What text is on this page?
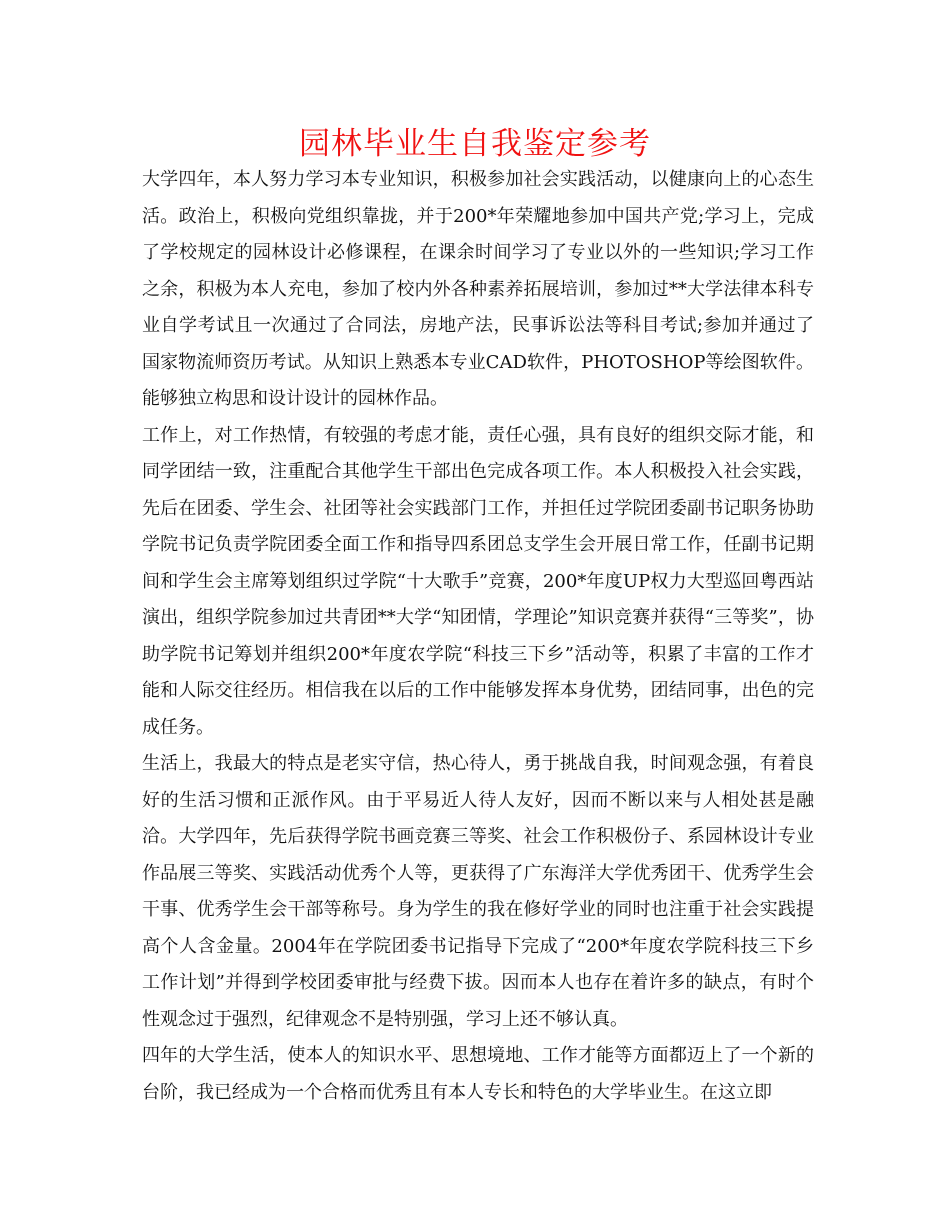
园林毕业生自我鉴定参考

大学四年，本人努力学习本专业知识，积极参加社会实践活动，以健康向上的心态生活。政治上，积极向党组织靠拢，并于200*年荣耀地参加中国共产党;学习上，完成了学校规定的园林设计必修课程，在课余时间学习了专业以外的一些知识;学习工作之余，积极为本人充电，参加了校内外各种素养拓展培训，参加过**大学法律本科专业自学考试且一次通过了合同法，房地产法，民事诉讼法等科目考试;参加并通过了国家物流师资历考试。从知识上熟悉本专业CAD软件，PHOTOSHOP等绘图软件。能够独立构思和设计设计的园林作品。

工作上，对工作热情，有较强的考虑才能，责任心强，具有良好的组织交际才能，和同学团结一致，注重配合其他学生干部出色完成各项工作。本人积极投入社会实践，先后在团委、学生会、社团等社会实践部门工作，并担任过学院团委副书记职务协助学院书记负责学院团委全面工作和指导四系团总支学生会开展日常工作，任副书记期间和学生会主席筹划组织过学院“十大歌手”竞赛，200*年度UP权力大型巡回粤西站演出，组织学院参加过共青团**大学“知团情，学理论”知识竞赛并获得“三等奖”，协助学院书记筹划并组织200*年度农学院“科技三下乡”活动等，积累了丰富的工作才能和人际交往经历。相信我在以后的工作中能够发挥本身优势，团结同事，出色的完成任务。

生活上，我最大的特点是老实守信，热心待人，勇于挑战自我，时间观念强，有着良好的生活习惯和正派作风。由于平易近人待人友好，因而不断以来与人相处甚是融洽。大学四年，先后获得学院书画竞赛三等奖、社会工作积极份子、系园林设计专业作品展三等奖、实践活动优秀个人等，更获得了广东海洋大学优秀团干、优秀学生会干事、优秀学生会干部等称号。身为学生的我在修好学业的同时也注重于社会实践提高个人含金量。2004年在学院团委书记指导下完成了“200*年度农学院科技三下乡工作计划”并得到学校团委审批与经费下拔。因而本人也存在着许多的缺点，有时个性观念过于强烈，纪律观念不是特别强，学习上还不够认真。

四年的大学生活，使本人的知识水平、思想境地、工作才能等方面都迈上了一个新的台阶，我已经成为一个合格而优秀且有本人专长和特色的大学毕业生。在这立即
